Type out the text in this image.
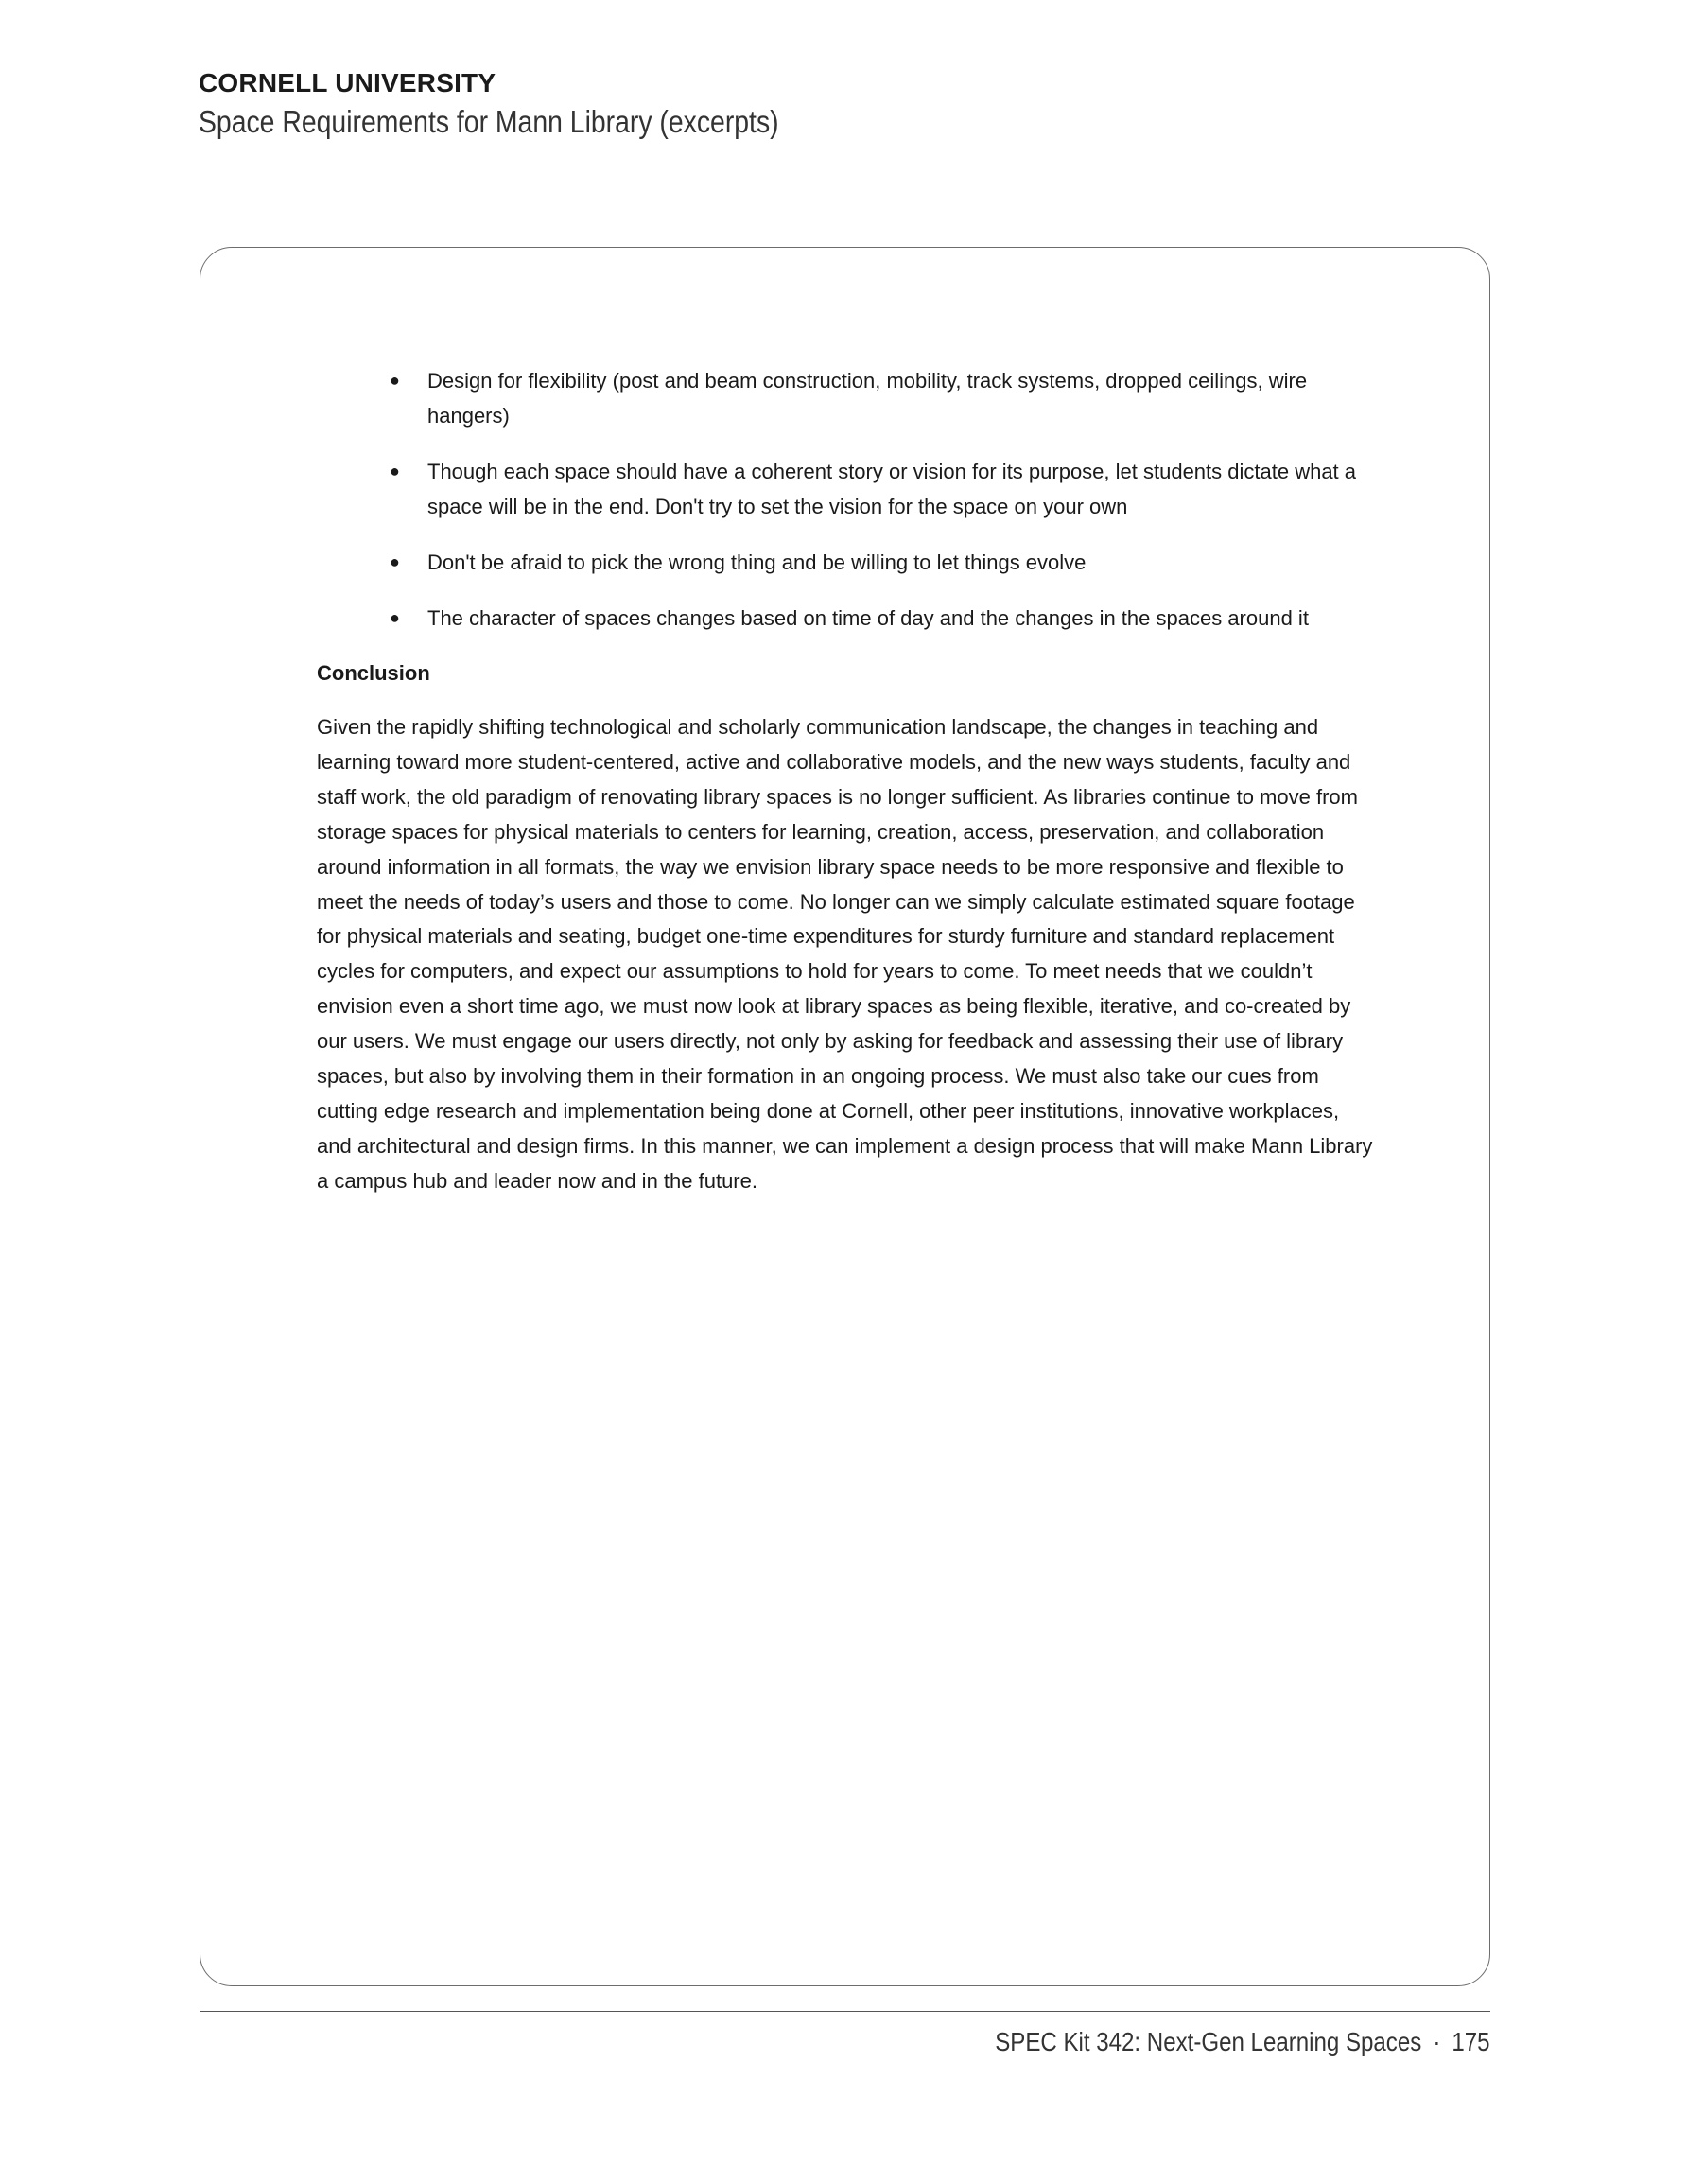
CORNELL UNIVERSITY
Space Requirements for Mann Library (excerpts)
● Design for flexibility (post and beam construction, mobility, track systems, dropped ceilings, wire hangers)
● Though each space should have a coherent story or vision for its purpose, let students dictate what a space will be in the end. Don't try to set the vision for the space on your own
● Don't be afraid to pick the wrong thing and be willing to let things evolve
● The character of spaces changes based on time of day and the changes in the spaces around it
Conclusion

Given the rapidly shifting technological and scholarly communication landscape, the changes in teaching and learning toward more student-centered, active and collaborative models, and the new ways students, faculty and staff work, the old paradigm of renovating library spaces is no longer sufficient. As libraries continue to move from storage spaces for physical materials to centers for learning, creation, access, preservation, and collaboration around information in all formats, the way we envision library space needs to be more responsive and flexible to meet the needs of today’s users and those to come. No longer can we simply calculate estimated square footage for physical materials and seating, budget one-time expenditures for sturdy furniture and standard replacement cycles for computers, and expect our assumptions to hold for years to come. To meet needs that we couldn’t envision even a short time ago, we must now look at library spaces as being flexible, iterative, and co-created by our users. We must engage our users directly, not only by asking for feedback and assessing their use of library spaces, but also by involving them in their formation in an ongoing process. We must also take our cues from cutting edge research and implementation being done at Cornell, other peer institutions, innovative workplaces, and architectural and design firms. In this manner, we can implement a design process that will make Mann Library a campus hub and leader now and in the future.

SPEC Kit 342: Next-Gen Learning Spaces · 175
